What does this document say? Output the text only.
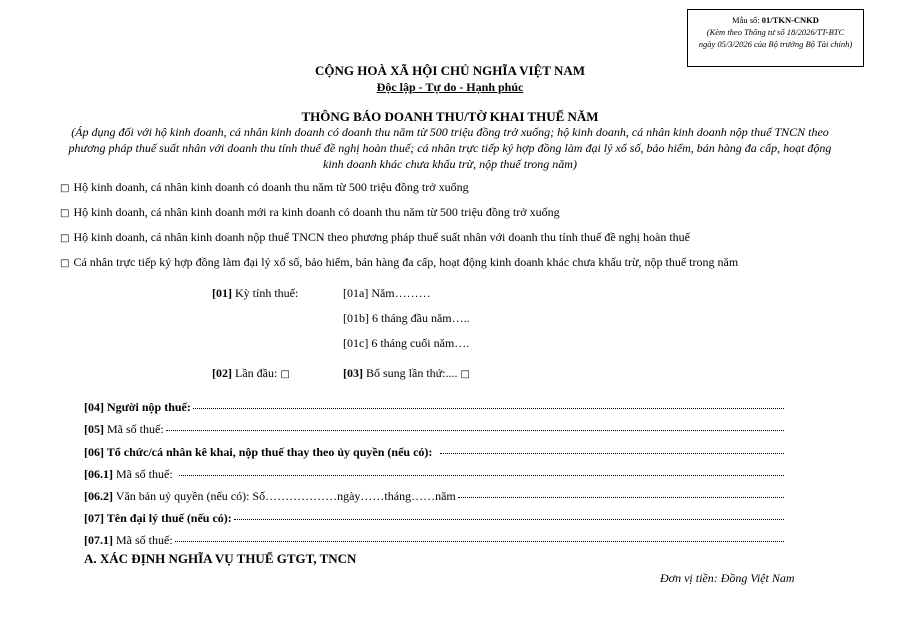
Mẫu số: 01/TKN-CNKD
(Kèm theo Thông tư số 18/2026/TT-BTC
ngày 05/3/2026 của Bộ trưởng Bộ Tài chính)
CỘNG HOÀ XÃ HỘI CHỦ NGHĨA VIỆT NAM
Độc lập - Tự do - Hạnh phúc
THÔNG BÁO DOANH THU/TỜ KHAI THUẾ NĂM
(Áp dụng đối với hộ kinh doanh, cá nhân kinh doanh có doanh thu năm từ 500 triệu đồng trở xuống; hộ kinh doanh, cá nhân kinh doanh nộp thuế TNCN theo phương pháp thuế suất nhân với doanh thu tính thuế đề nghị hoàn thuế; cá nhân trực tiếp ký hợp đồng làm đại lý xổ số, bảo hiểm, bán hàng đa cấp, hoạt động kinh doanh khác chưa khấu trừ, nộp thuế trong năm)
□ Hộ kinh doanh, cá nhân kinh doanh có doanh thu năm từ 500 triệu đồng trở xuống
□ Hộ kinh doanh, cá nhân kinh doanh mới ra kinh doanh có doanh thu năm từ 500 triệu đồng trở xuống
□ Hộ kinh doanh, cá nhân kinh doanh nộp thuế TNCN theo phương pháp thuế suất nhân với doanh thu tính thuế đề nghị hoàn thuế
□ Cá nhân trực tiếp ký hợp đồng làm đại lý xổ số, bảo hiểm, bán hàng đa cấp, hoạt động kinh doanh khác chưa khấu trừ, nộp thuế trong năm
[01] Kỳ tính thuế:	[01a] Năm………
[01b] 6 tháng đầu năm…..
[01c] 6 tháng cuối năm….
[02] Lần đầu: □	[03] Bổ sung lần thứ:.... □
[04] Người nộp thuế:
[05] Mã số thuế:
[06] Tổ chức/cá nhân kê khai, nộp thuế thay theo ủy quyền (nếu có):
[06.1] Mã số thuế:
[06.2] Văn bản uỷ quyền (nếu có): Số………………ngày……tháng……năm
[07] Tên đại lý thuế (nếu có):
[07.1] Mã số thuế:
A. XÁC ĐỊNH NGHĨA VỤ THUẾ GTGT, TNCN
Đơn vị tiền: Đồng Việt Nam
